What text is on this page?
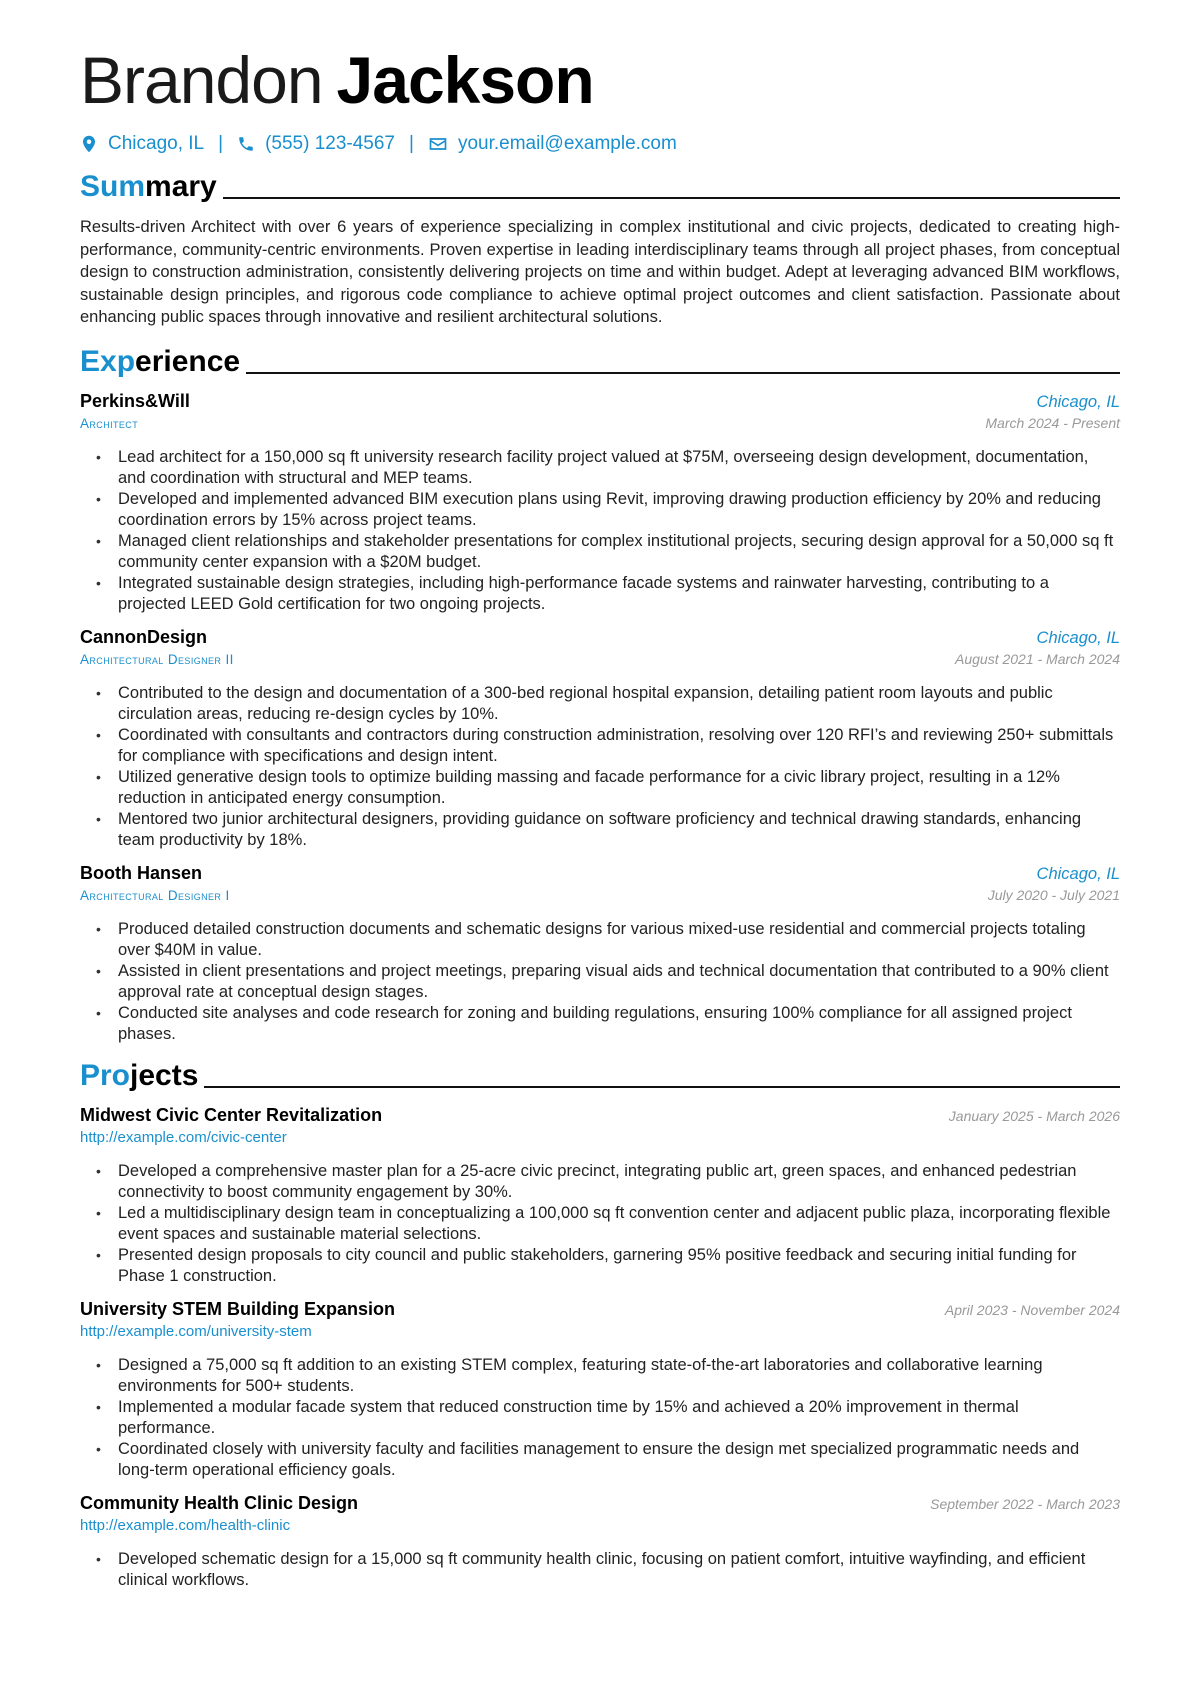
Brandon Jackson
Chicago, IL | (555) 123-4567 | your.email@example.com
Summary
Results-driven Architect with over 6 years of experience specializing in complex institutional and civic projects, dedicated to creating high-performance, community-centric environments. Proven expertise in leading interdisciplinary teams through all project phases, from conceptual design to construction administration, consistently delivering projects on time and within budget. Adept at leveraging advanced BIM workflows, sustainable design principles, and rigorous code compliance to achieve optimal project outcomes and client satisfaction. Passionate about enhancing public spaces through innovative and resilient architectural solutions.
Experience
Perkins&Will	Chicago, IL
Architect	March 2024 - Present
• Lead architect for a 150,000 sq ft university research facility project valued at $75M, overseeing design development, documentation, and coordination with structural and MEP teams.
• Developed and implemented advanced BIM execution plans using Revit, improving drawing production efficiency by 20% and reducing coordination errors by 15% across project teams.
• Managed client relationships and stakeholder presentations for complex institutional projects, securing design approval for a 50,000 sq ft community center expansion with a $20M budget.
• Integrated sustainable design strategies, including high-performance facade systems and rainwater harvesting, contributing to a projected LEED Gold certification for two ongoing projects.
CannonDesign	Chicago, IL
Architectural Designer II	August 2021 - March 2024
• Contributed to the design and documentation of a 300-bed regional hospital expansion, detailing patient room layouts and public circulation areas, reducing re-design cycles by 10%.
• Coordinated with consultants and contractors during construction administration, resolving over 120 RFI’s and reviewing 250+ submittals for compliance with specifications and design intent.
• Utilized generative design tools to optimize building massing and facade performance for a civic library project, resulting in a 12% reduction in anticipated energy consumption.
• Mentored two junior architectural designers, providing guidance on software proficiency and technical drawing standards, enhancing team productivity by 18%.
Booth Hansen	Chicago, IL
Architectural Designer I	July 2020 - July 2021
• Produced detailed construction documents and schematic designs for various mixed-use residential and commercial projects totaling over $40M in value.
• Assisted in client presentations and project meetings, preparing visual aids and technical documentation that contributed to a 90% client approval rate at conceptual design stages.
• Conducted site analyses and code research for zoning and building regulations, ensuring 100% compliance for all assigned project phases.
Projects
Midwest Civic Center Revitalization	January 2025 - March 2026
http://example.com/civic-center
• Developed a comprehensive master plan for a 25-acre civic precinct, integrating public art, green spaces, and enhanced pedestrian connectivity to boost community engagement by 30%.
• Led a multidisciplinary design team in conceptualizing a 100,000 sq ft convention center and adjacent public plaza, incorporating flexible event spaces and sustainable material selections.
• Presented design proposals to city council and public stakeholders, garnering 95% positive feedback and securing initial funding for Phase 1 construction.
University STEM Building Expansion	April 2023 - November 2024
http://example.com/university-stem
• Designed a 75,000 sq ft addition to an existing STEM complex, featuring state-of-the-art laboratories and collaborative learning environments for 500+ students.
• Implemented a modular facade system that reduced construction time by 15% and achieved a 20% improvement in thermal performance.
• Coordinated closely with university faculty and facilities management to ensure the design met specialized programmatic needs and long-term operational efficiency goals.
Community Health Clinic Design	September 2022 - March 2023
http://example.com/health-clinic
• Developed schematic design for a 15,000 sq ft community health clinic, focusing on patient comfort, intuitive wayfinding, and efficient clinical workflows.
